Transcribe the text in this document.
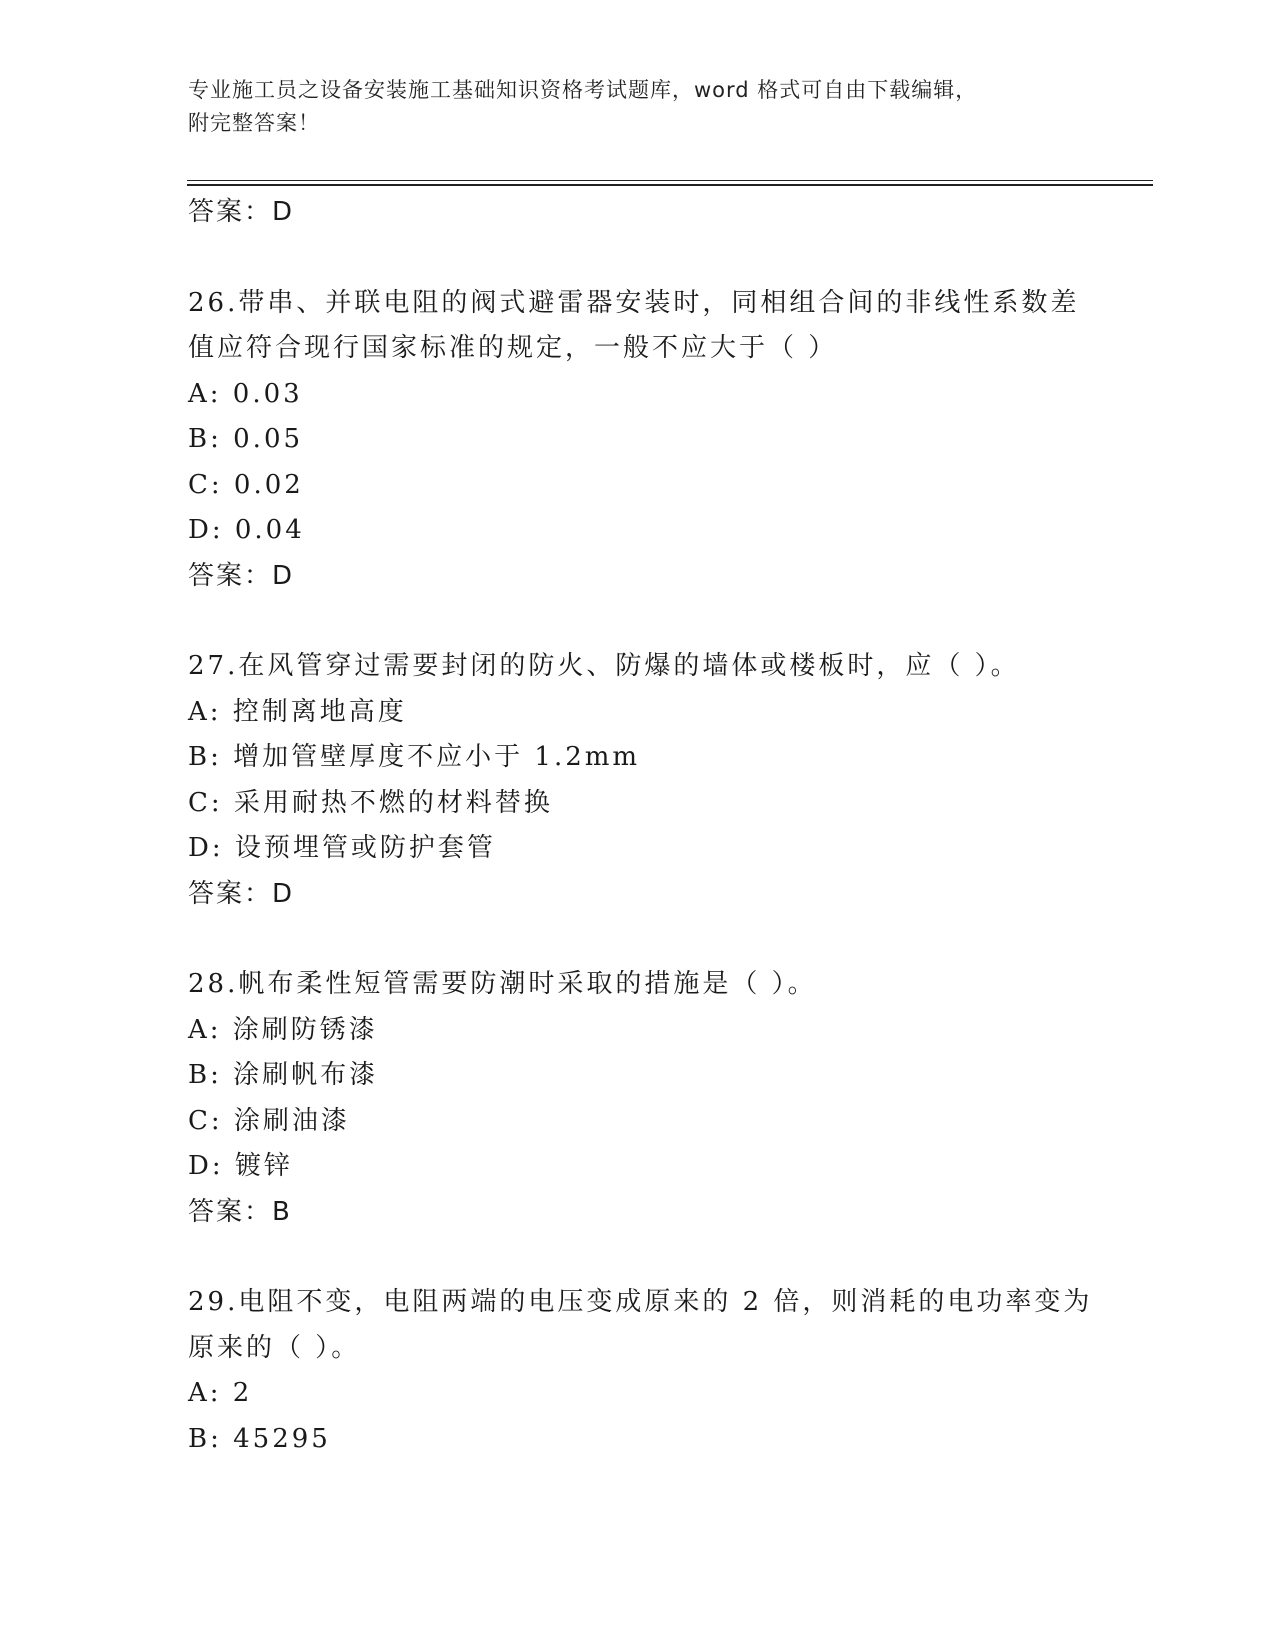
专业施工员之设备安装施工基础知识资格考试题库，word 格式可自由下载编辑，
附完整答案！
答案：D
26.带串、并联电阻的阀式避雷器安装时，同相组合间的非线性系数差
值应符合现行国家标准的规定，一般不应大于（ ）
A: 0.03
B: 0.05
C: 0.02
D: 0.04
答案：D
27.在风管穿过需要封闭的防火、防爆的墙体或楼板时，应（ ）。
A: 控制离地高度
B: 增加管壁厚度不应小于 1.2mm
C: 采用耐热不燃的材料替换
D: 设预埋管或防护套管
答案：D
28.帆布柔性短管需要防潮时采取的措施是（ ）。
A: 涂刷防锈漆
B: 涂刷帆布漆
C: 涂刷油漆
D: 镀锌
答案：B
29.电阻不变，电阻两端的电压变成原来的 2 倍，则消耗的电功率变为
原来的（ ）。
A: 2
B: 45295
